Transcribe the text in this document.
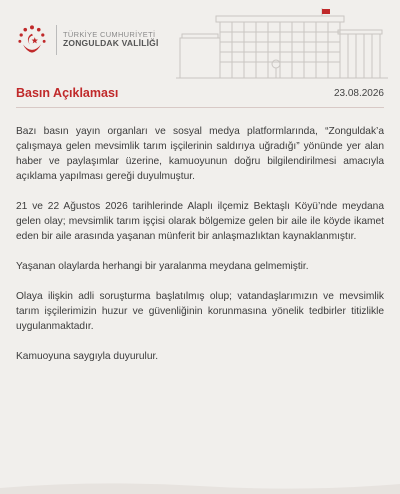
TÜRKİYE CUMHURİYETİ
ZONGULDAK VALİLİĞİ
Basın Açıklaması	23.08.2026

Bazı basın yayın organları ve sosyal medya platformlarında, “Zonguldak’a çalışmaya gelen mevsimlik tarım işçilerinin saldırıya uğradığı” yönünde yer alan haber ve paylaşımlar üzerine, kamuoyunun doğru bilgilendirilmesi amacıyla açıklama yapılması gereği duyulmuştur.

21 ve 22 Ağustos 2026 tarihlerinde Alaplı ilçemiz Bektaşlı Köyü’nde meydana gelen olay; mevsimlik tarım işçisi olarak bölgemize gelen bir aile ile köyde ikamet eden bir aile arasında yaşanan münferit bir anlaşmazlıktan kaynaklanmıştır.

Yaşanan olaylarda herhangi bir yaralanma meydana gelmemiştir.

Olaya ilişkin adli soruşturma başlatılmış olup; vatandaşlarımızın ve mevsimlik tarım işçilerimizin huzur ve güvenliğinin korunmasına yönelik tedbirler titizlikle uygulanmaktadır.

Kamuoyuna saygıyla duyurulur.
